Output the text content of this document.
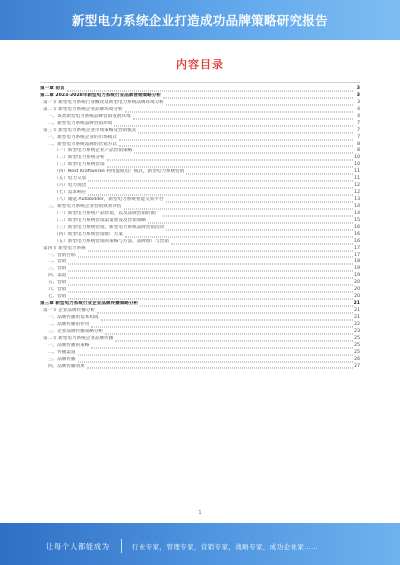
新型电力系统企业打造成功品牌策略研究报告
内容目录
第一章 前言	3
第二章 2023-2028年新型电力系统行业品牌营销策略分析	3
第一节 新型电力系统行业概况及新型电力系统品牌环境分析	3
第二节 新型电力系统企业品牌环境分析	4
一、该类新型电力系统品牌营销发展环境	4
二、新型电力系统品牌营销环境	7
第三节 新型电力系统企业市场策略及营销模式	7
一、新型电力系统企业的市场模式	7
二、新型电力系统品牌的营销方式	8
（一）新型电力系统企业产品营销策略	8
（二）新型电力系统分析	10
（三）新型电力系统营销	10
（四）Next Kraftwerke 利用虚拟电厂模式，新型电力系统营销	11
（五）电力交易	11
（六）电力现货	12
（七）需求响应	12
（八）储能 Autobidder，新型电力系统智能交易平台	13
三、新型电力系统企业营销效果评估	14
（一）新型电力系统产品营销，以及品牌营销的推广	14
（二）新型电力系统营销渠道建设及营销策略	15
（三）新型电力系统营销，新型电力系统品牌营销活动	16
（四）新型电力系统营销推广方案	16
（五）新型电力系统营销的策略与方法，品牌推广与营销	16
第四节 新型电力系统	17
一、营销目标	17
二、营销	18
三、营销	19
四、渠道	19
五、营销	20
六、营销	20
七、营销	20
第三章 新型电力系统行业企业品牌传播策略分析	21
第一节 企业品牌传播分析	21
一、品牌传播的基本构成	21
二、品牌传播的作用	22
三、企业品牌传播策略分析	23
第二节 新型电力系统企业品牌传播	25
一、品牌传播的策略	25
二、传播渠道	25
三、品牌传播	26
四、品牌传播效果	27
1
让每个人都能成为	行业专家，管理专家，营销专家，战略专家，成功企业家……
